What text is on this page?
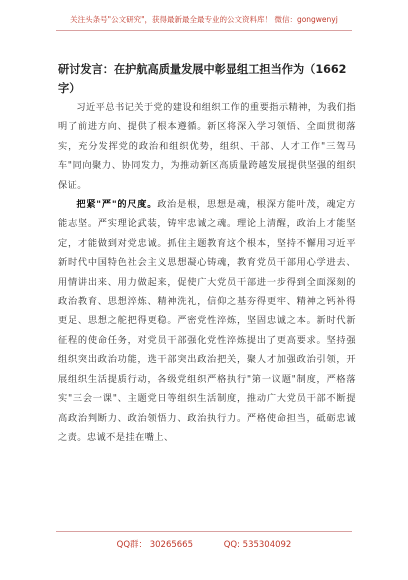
关注头条号"公文研究"，获得最新最全最专业的公文资料库！ 微信：gongwenyj
研讨发言：在护航高质量发展中彰显组工担当作为（1662字）

习近平总书记关于党的建设和组织工作的重要指示精神，为我们指明了前进方向、提供了根本遵循。新区将深入学习领悟、全面贯彻落实，充分发挥党的政治和组织优势，组织、干部、人才工作"三驾马车"同向聚力、协同发力，为推动新区高质量跨越发展提供坚强的组织保证。

把紧"严"的尺度。政治是根，思想是魂，根深方能叶茂，魂定方能志坚。严实理论武装，铸牢忠诚之魂。理论上清醒，政治上才能坚定，才能做到对党忠诚。抓住主题教育这个根本，坚持不懈用习近平新时代中国特色社会主义思想凝心铸魂，教育党员干部用心学进去、用情讲出来、用力做起来，促使广大党员干部进一步得到全面深刻的政治教育、思想淬炼、精神洗礼，信仰之基夯得更牢、精神之钙补得更足、思想之舵把得更稳。严密党性淬炼，坚固忠诚之本。新时代新征程的使命任务，对党员干部强化党性淬炼提出了更高要求。坚持强组织突出政治功能，选干部突出政治把关，聚人才加强政治引领，开展组织生活提质行动，各级党组织严格执行"第一议题"制度，严格落实"三会一课"、主题党日等组织生活制度，推动广大党员干部不断提高政治判断力、政治领悟力、政治执行力。严格使命担当，砥砺忠诚之责。忠诚不是挂在嘴上、

QQ群： 30265665	QQ: 535304092
